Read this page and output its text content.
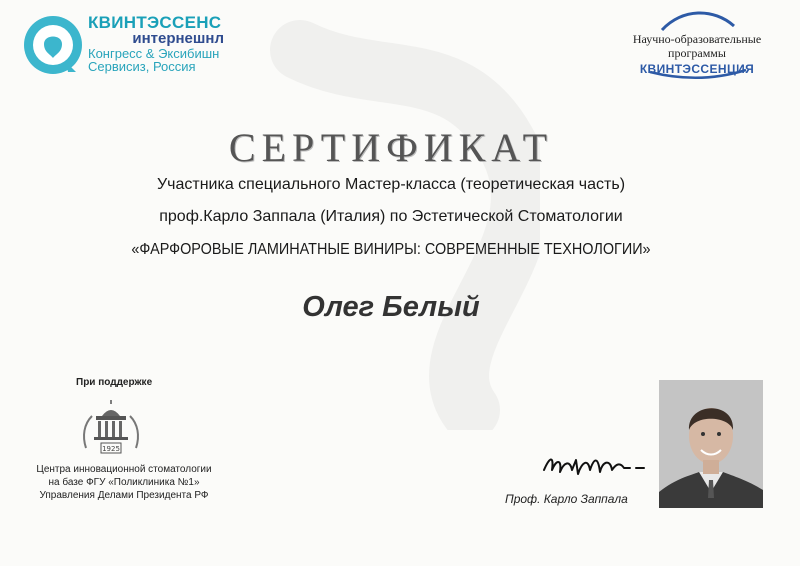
КВИНТЭССЕНС
интернешнл
Конгресс & Эксибишн
Сервисиз, Россия
Научно-образовательные
программы
КВИНТЭССЕНЦИЯ
СЕРТИФИКАТ
Участника специального Мастер-класса (теоретическая часть)
проф.Карло Заппала (Италия) по Эстетической Стоматологии
«ФАРФОРОВЫЕ ЛАМИНАТНЫЕ ВИНИРЫ: СОВРЕМЕННЫЕ ТЕХНОЛОГИИ»
Олег Белый
При поддержке
1925
Центра инновационной стоматологии
на базе ФГУ «Поликлиника №1»
Управления Делами Президента РФ	Проф. Карло Заппала
